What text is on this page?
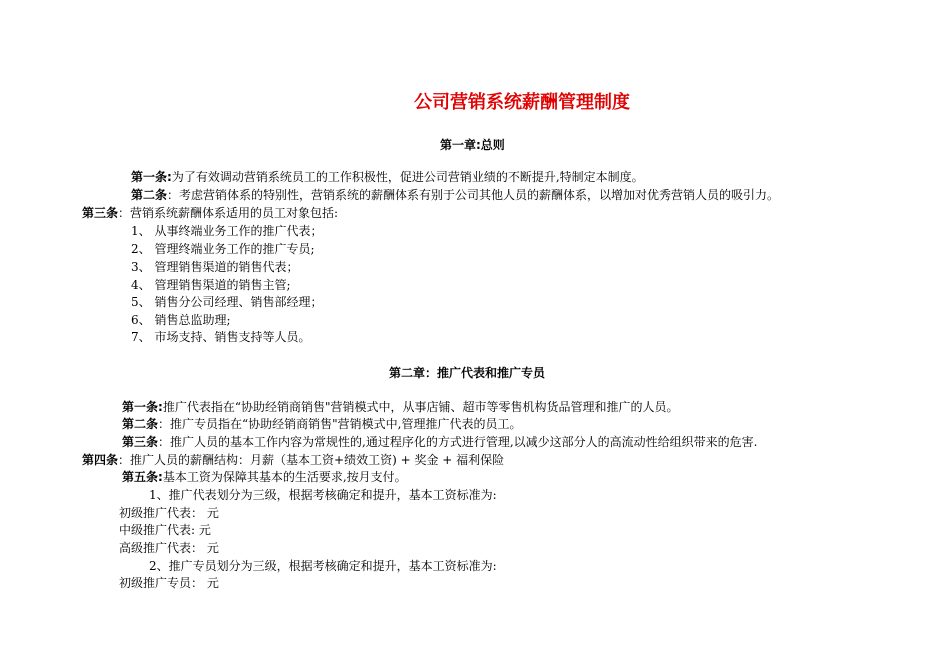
公司营销系统薪酬管理制度
第一章:总则
第一条:为了有效调动营销系统员工的工作积极性，促进公司营销业绩的不断提升,特制定本制度。
第二条：考虑营销体系的特别性，营销系统的薪酬体系有别于公司其他人员的薪酬体系，以增加对优秀营销人员的吸引力。
第三条：营销系统薪酬体系适用的员工对象包括:
1、 从事终端业务工作的推广代表；
2、 管理终端业务工作的推广专员;
3、 管理销售渠道的销售代表；
4、 管理销售渠道的销售主管;
5、 销售分公司经理、销售部经理；
6、 销售总监助理;
7、 市场支持、销售支持等人员。
第二章：推广代表和推广专员
第一条:推广代表指在“协助经销商销售"营销模式中，从事店铺、超市等零售机构货品管理和推广的人员。
第二条：推广专员指在“协助经销商销售"营销模式中,管理推广代表的员工。
第三条：推广人员的基本工作内容为常规性的,通过程序化的方式进行管理,以减少这部分人的高流动性给组织带来的危害.
第四条：推广人员的薪酬结构：月薪（基本工资+绩效工资) + 奖金 + 福利保险
第五条:基本工资为保障其基本的生活要求,按月支付。
1、推广代表划分为三级，根据考核确定和提升，基本工资标准为:
初级推广代表： 元
中级推广代表: 元
高级推广代表： 元
2、推广专员划分为三级，根据考核确定和提升，基本工资标准为:
初级推广专员： 元
